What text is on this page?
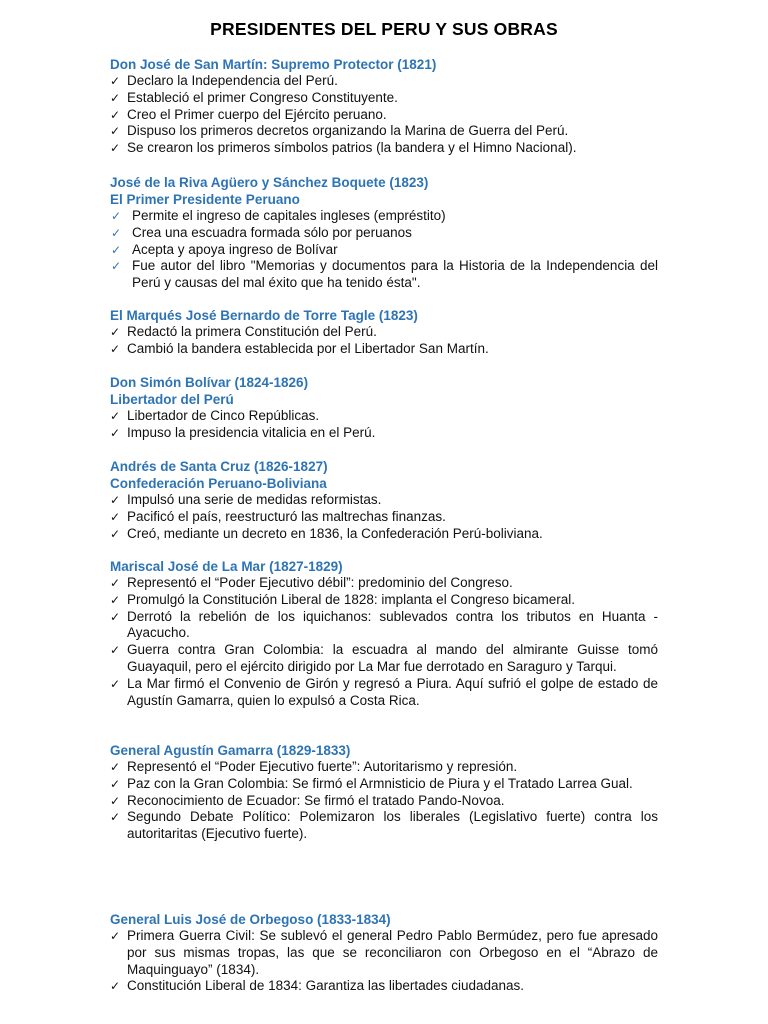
PRESIDENTES DEL PERU Y SUS OBRAS
Don José de San Martín: Supremo Protector (1821)
✓ Declaro la Independencia del Perú.
✓ Estableció el primer Congreso Constituyente.
✓ Creo el Primer cuerpo del Ejército peruano.
✓ Dispuso los primeros decretos organizando la Marina de Guerra del Perú.
✓ Se crearon los primeros símbolos patrios (la bandera y el Himno Nacional).
José de la Riva Agüero y Sánchez Boquete (1823)
El Primer Presidente Peruano
✓ Permite el ingreso de capitales ingleses (empréstito)
✓ Crea una escuadra formada sólo por peruanos
✓ Acepta y apoya ingreso de Bolívar
✓ Fue autor del libro "Memorias y documentos para la Historia de la Independencia del Perú y causas del mal éxito que ha tenido ésta".
El Marqués José Bernardo de Torre Tagle (1823)
✓ Redactó la primera Constitución del Perú.
✓ Cambió la bandera establecida por el Libertador San Martín.
Don Simón Bolívar (1824-1826)
Libertador del Perú
✓ Libertador de Cinco Repúblicas.
✓ Impuso la presidencia vitalicia en el Perú.
Andrés de Santa Cruz (1826-1827)
Confederación Peruano-Boliviana
✓ Impulsó una serie de medidas reformistas.
✓ Pacificó el país, reestructuró las maltrechas finanzas.
✓ Creó, mediante un decreto en 1836, la Confederación Perú-boliviana.
Mariscal José de La Mar (1827-1829)
✓ Representó el “Poder Ejecutivo débil”: predominio del Congreso.
✓ Promulgó la Constitución Liberal de 1828: implanta el Congreso bicameral.
✓ Derrotó la rebelión de los iquichanos: sublevados contra los tributos en Huanta -Ayacucho.
✓ Guerra contra Gran Colombia: la escuadra al mando del almirante Guisse tomó Guayaquil, pero el ejército dirigido por La Mar fue derrotado en Saraguro y Tarqui.
✓ La Mar firmó el Convenio de Girón y regresó a Piura. Aquí sufrió el golpe de estado de Agustín Gamarra, quien lo expulsó a Costa Rica.
General Agustín Gamarra (1829-1833)
✓ Representó el “Poder Ejecutivo fuerte”: Autoritarismo y represión.
✓ Paz con la Gran Colombia: Se firmó el Armnisticio de Piura y el Tratado Larrea Gual.
✓ Reconocimiento de Ecuador: Se firmó el tratado Pando-Novoa.
✓ Segundo Debate Político: Polemizaron los liberales (Legislativo fuerte) contra los autoritaritas (Ejecutivo fuerte).
General Luis José de Orbegoso (1833-1834)
✓ Primera Guerra Civil: Se sublevó el general Pedro Pablo Bermúdez, pero fue apresado por sus mismas tropas, las que se reconciliaron con Orbegoso en el “Abrazo de Maquinguayo” (1834).
✓ Constitución Liberal de 1834: Garantiza las libertades ciudadanas.
